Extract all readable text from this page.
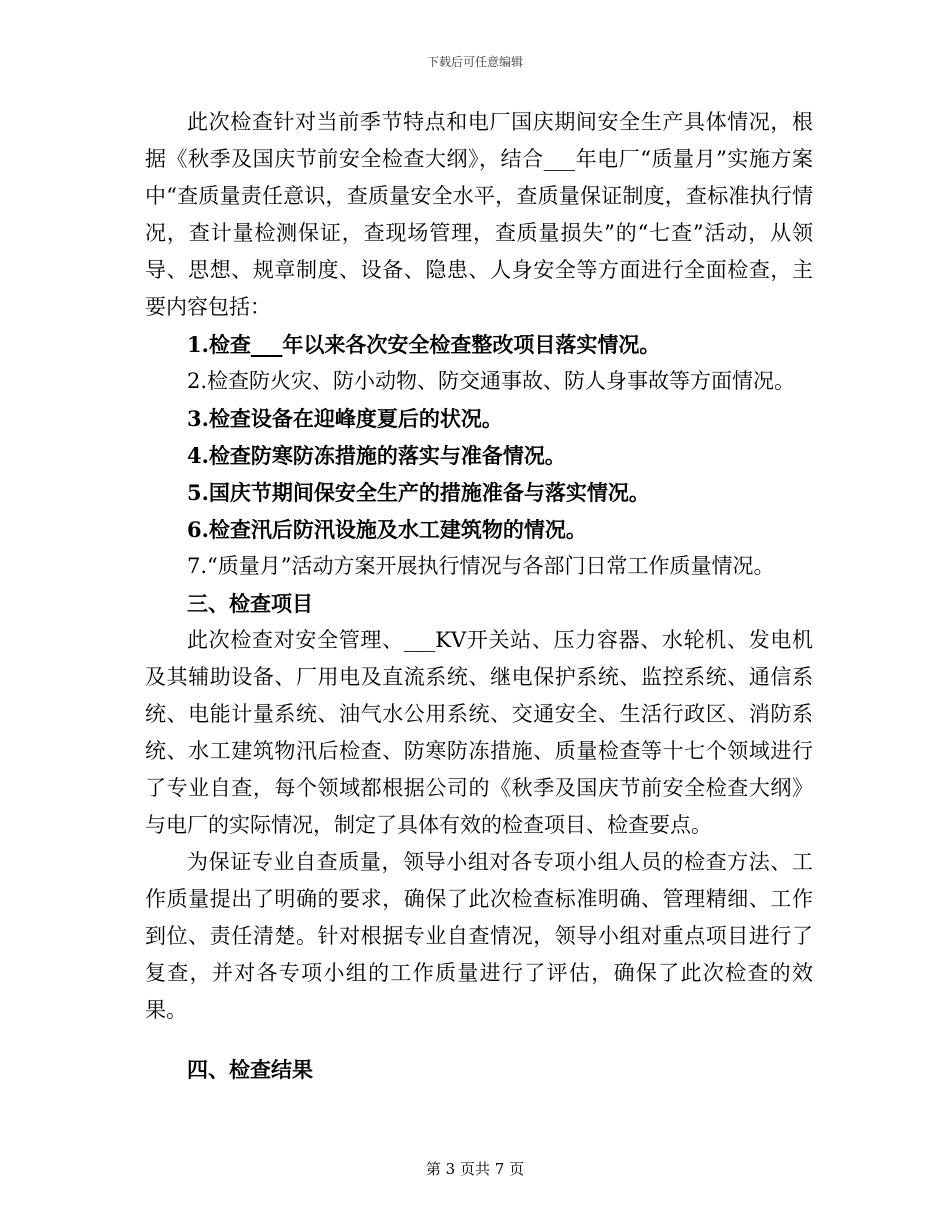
下载后可任意编辑

此次检查针对当前季节特点和电厂国庆期间安全生产具体情况，根据《秋季及国庆节前安全检查大纲》，结合___年电厂“质量月”实施方案中“查质量责任意识，查质量安全水平，查质量保证制度，查标准执行情况，查计量检测保证，查现场管理，查质量损失”的“七查”活动，从领导、思想、规章制度、设备、隐患、人身安全等方面进行全面检查，主要内容包括：

1.检查___年以来各次安全检查整改项目落实情况。

2.检查防火灾、防小动物、防交通事故、防人身事故等方面情况。

3.检查设备在迎峰度夏后的状况。

4.检查防寒防冻措施的落实与准备情况。

5.国庆节期间保安全生产的措施准备与落实情况。

6.检查汛后防汛设施及水工建筑物的情况。

7.“质量月”活动方案开展执行情况与各部门日常工作质量情况。

三、检查项目

此次检查对安全管理、___KV开关站、压力容器、水轮机、发电机及其辅助设备、厂用电及直流系统、继电保护系统、监控系统、通信系统、电能计量系统、油气水公用系统、交通安全、生活行政区、消防系统、水工建筑物汛后检查、防寒防冻措施、质量检查等十七个领域进行了专业自查，每个领域都根据公司的《秋季及国庆节前安全检查大纲》与电厂的实际情况，制定了具体有效的检查项目、检查要点。

为保证专业自查质量，领导小组对各专项小组人员的检查方法、工作质量提出了明确的要求，确保了此次检查标准明确、管理精细、工作到位、责任清楚。针对根据专业自查情况，领导小组对重点项目进行了复查，并对各专项小组的工作质量进行了评估，确保了此次检查的效果。

四、检查结果

第 3 页共 7 页
